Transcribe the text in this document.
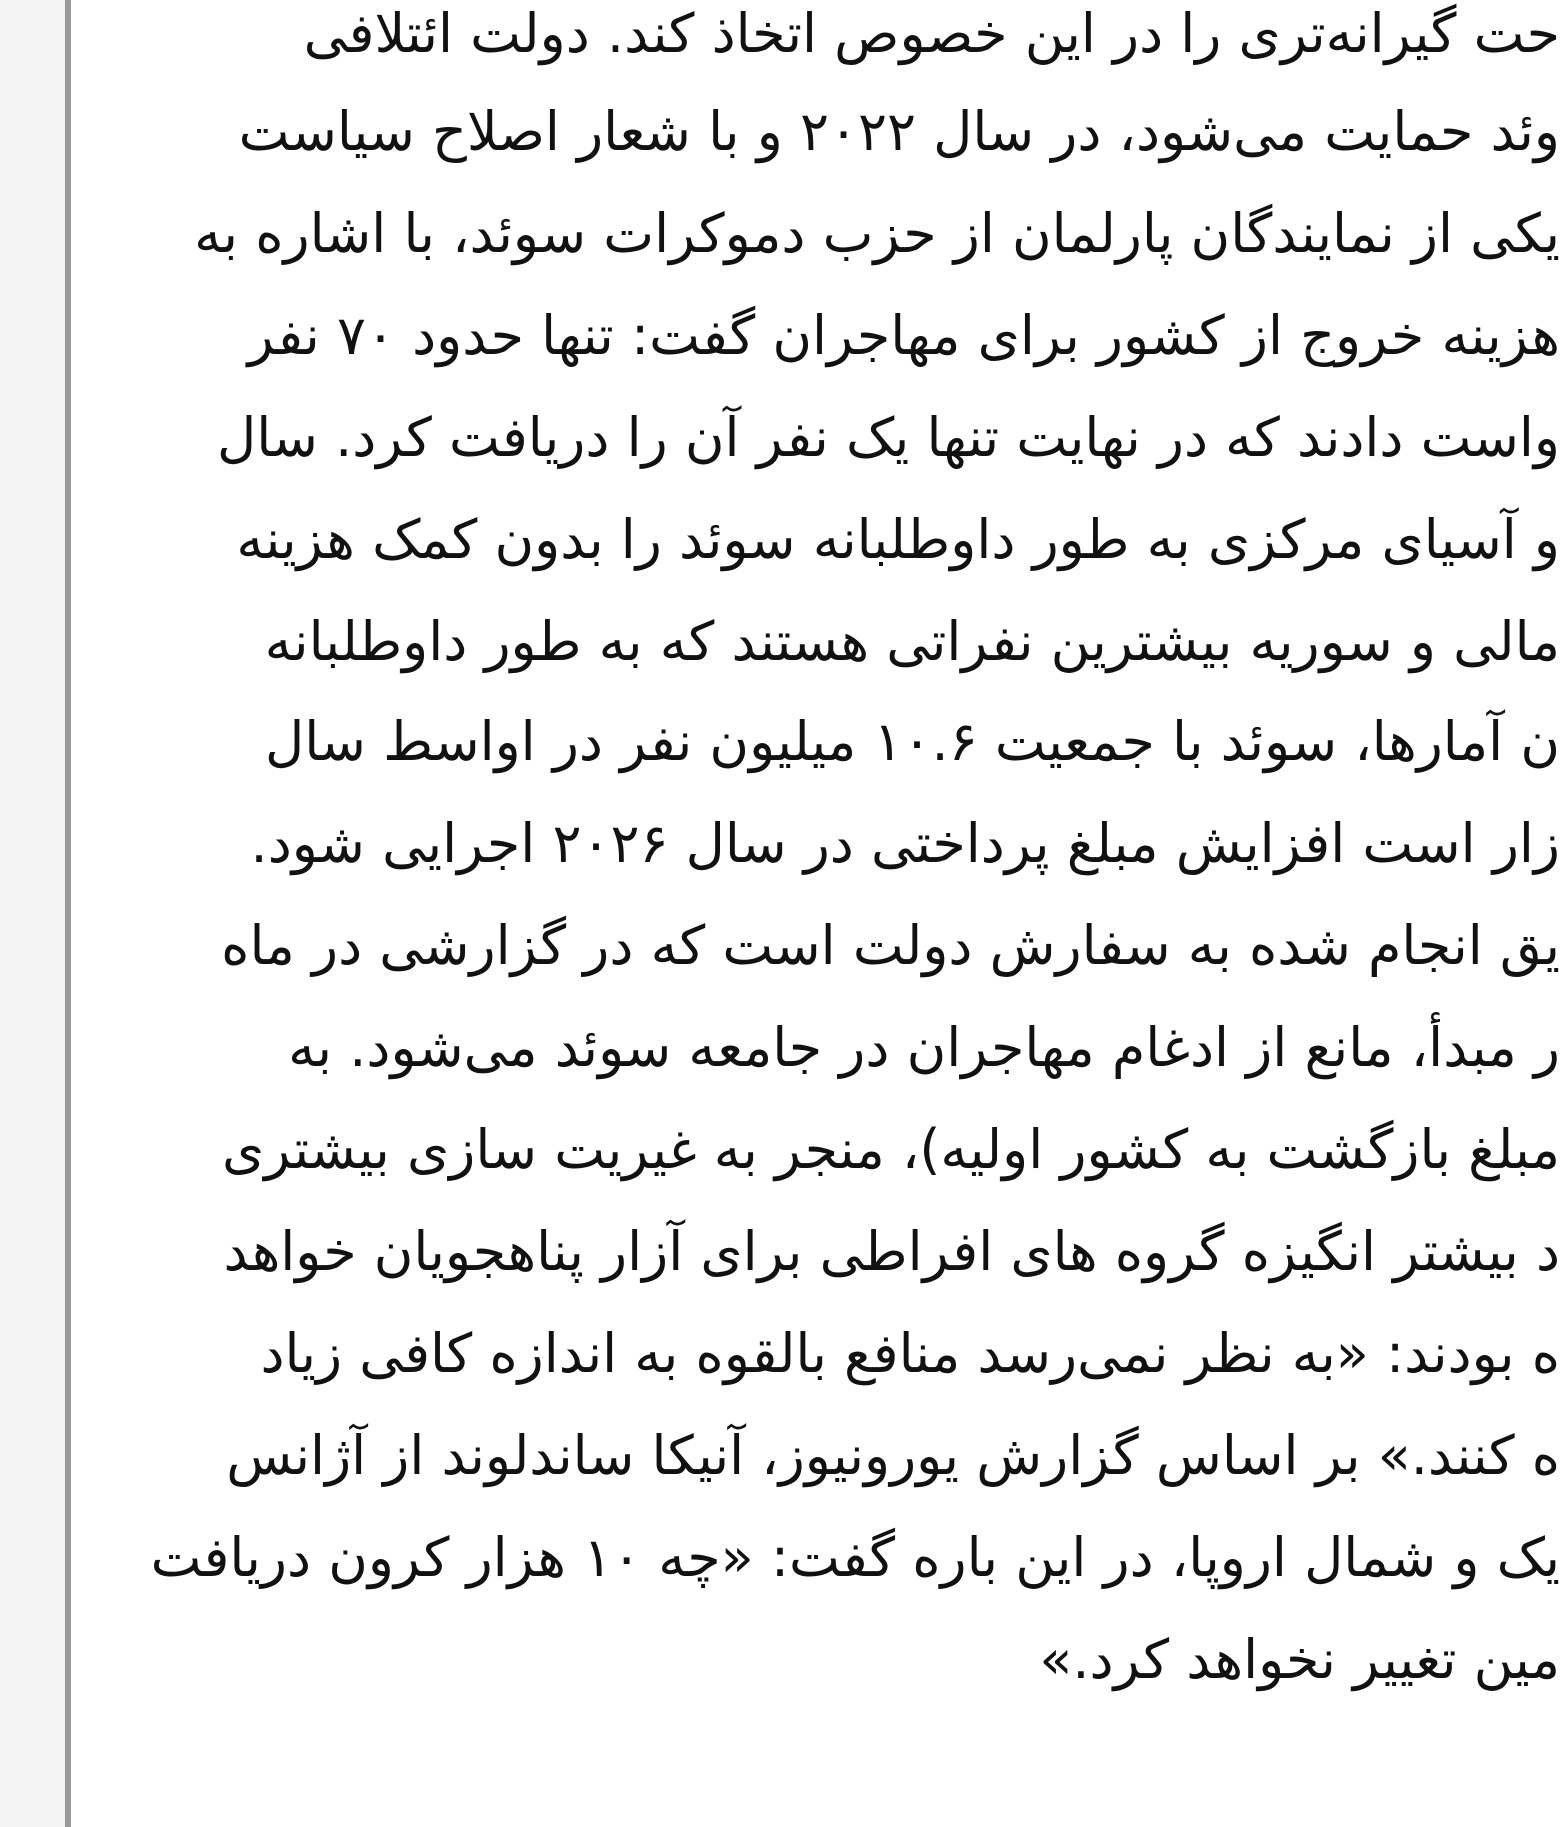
حت گیرانه‌تری را در این خصوص اتخاذ کند. دولت ائتلافی
وئد حمایت می‌شود، در سال ۲۰۲۲ و با شعار اصلاح سیاست
یکی از نمایندگان پارلمان از حزب دموکرات سوئد، با اشاره به
هزینه خروج از کشور برای مهاجران گفت: تنها حدود ۷۰ نفر
واست دادند که در نهایت تنها یک نفر آن را دریافت کرد. سال
و آسیای مرکزی به طور داوطلبانه سوئد را بدون کمک هزینه
مالی و سوریه بیشترین نفراتی هستند که به طور داوطلبانه
ن آمارها، سوئد با جمعیت ۱۰.۶ میلیون نفر در اواسط سال
زار است افزایش مبلغ پرداختی در سال ۲۰۲۶ اجرایی شود.
یق انجام شده به سفارش دولت است که در گزارشی در ماه
ر مبدأ، مانع از ادغام مهاجران در جامعه سوئد می‌شود. به
مبلغ بازگشت به کشور اولیه)، منجر به غیریت سازی بیشتری
د بیشتر انگیزه گروه های افراطی برای آزار پناهجویان خواهد
ه بودند: «به نظر نمی‌رسد منافع بالقوه به اندازه کافی زیاد
ه کنند.» بر اساس گزارش یورونیوز، آنیکا ساندلوند از آژانس
یک و شمال اروپا، در این باره گفت: «چه ۱۰ هزار کرون دریافت
مین تغییر نخواهد کرد.»
